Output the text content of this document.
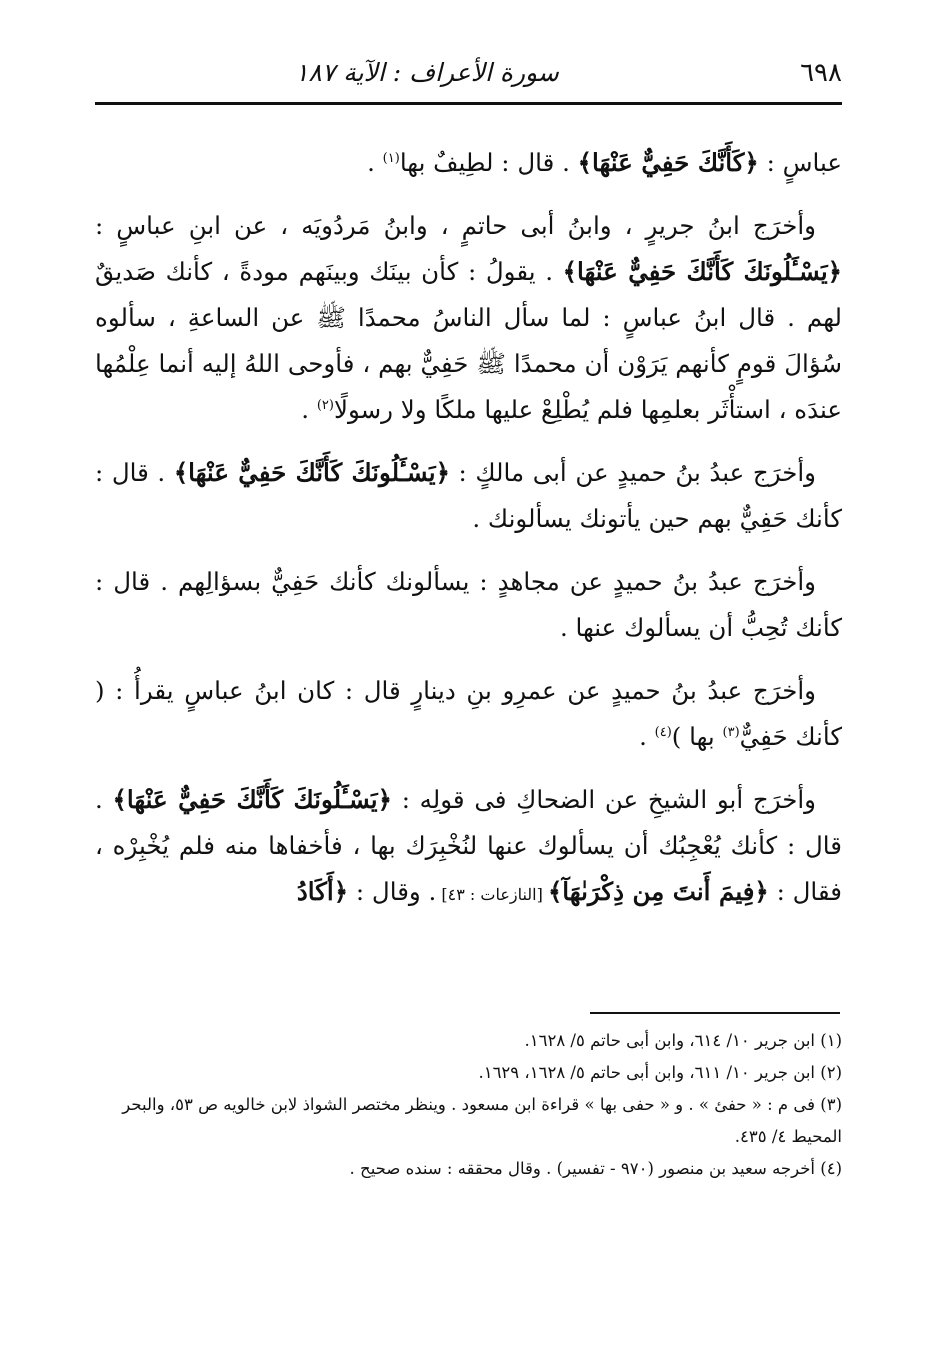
٦٩٨
سورة الأعراف : الآية ١٨٧

عباسٍ : ﴿كَأَنَّكَ حَفِيٌّ عَنْهَا﴾ . قال : لطِيفٌ بها$^{(١)}$ .

وأخرَج ابنُ جريرٍ ، وابنُ أبى حاتمٍ ، وابنُ مَردُويَه ، عن ابنِ عباسٍ : ﴿يَسْـَٔلُونَكَ كَأَنَّكَ حَفِيٌّ عَنْهَا﴾ . يقولُ : كأن بينَك وبينَهم مودةً ، كأنك صَديقٌ لهم . قال ابنُ عباسٍ : لما سأل الناسُ محمدًا ﷺ عن الساعةِ ، سألوه سُؤالَ قومٍ كأنهم يَرَوْن أن محمدًا ﷺ حَفِيٌّ بهم ، فأوحى اللهُ إليه أنما عِلْمُها عندَه ، استأْثَر بعلمِها فلم يُطْلِعْ عليها ملكًا ولا رسولًا$^{(٢)}$ .

وأخرَج عبدُ بنُ حميدٍ عن أبى مالكٍ : ﴿يَسْـَٔلُونَكَ كَأَنَّكَ حَفِيٌّ عَنْهَا﴾ . قال : كأنك حَفِيٌّ بهم حين يأتونك يسألونك .

وأخرَج عبدُ بنُ حميدٍ عن مجاهدٍ : يسألونك كأنك حَفِيٌّ بسؤالِهم . قال : كأنك تُحِبُّ أن يسألوك عنها .

وأخرَج عبدُ بنُ حميدٍ عن عمرِو بنِ دينارٍ قال : كان ابنُ عباسٍ يقرأُ : ( كأنك حَفِيٌّ$^{(٣)}$ بها )$^{(٤)}$ .

وأخرَج أبو الشيخِ عن الضحاكِ فى قولِه : ﴿يَسْـَٔلُونَكَ كَأَنَّكَ حَفِيٌّ عَنْهَا﴾ . قال : كأنك يُعْجِبُك أن يسألوك عنها لنُخْبِرَك بها ، فأخفاها منه فلم يُخْبِرْه ، فقال : ﴿فِيمَ أَنتَ مِن ذِكْرَىٰهَآ﴾ [النازعات : ٤٣] . وقال : ﴿أَكَادُ

(١) ابن جرير ١٠/ ٦١٤، وابن أبى حاتم ٥/ ١٦٢٨.
(٢) ابن جرير ١٠/ ٦١١، وابن أبى حاتم ٥/ ١٦٢٨، ١٦٢٩.
(٣) فى م : « حفئ » . و « حفى بها » قراءة ابن مسعود . وينظر مختصر الشواذ لابن خالويه ص ٥٣، والبحر المحيط ٤/ ٤٣٥.
(٤) أخرجه سعيد بن منصور (٩٧٠ - تفسير) . وقال محققه : سنده صحيح .
